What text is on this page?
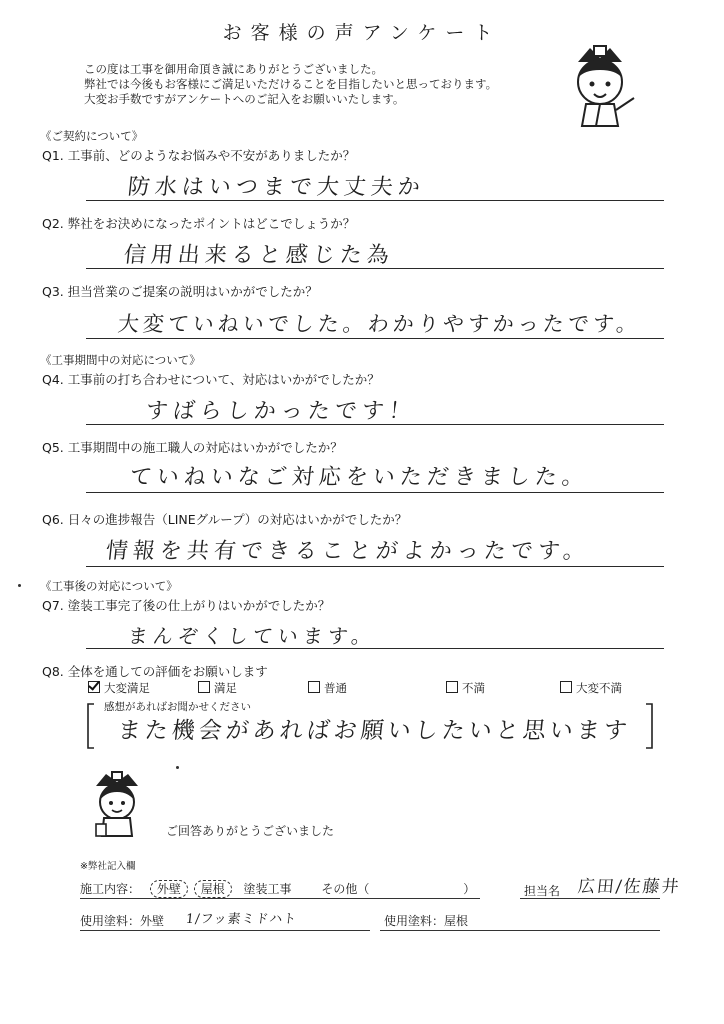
お客様の声アンケート
この度は工事を御用命頂き誠にありがとうございました。
弊社では今後もお客様にご満足いただけることを目指したいと思っております。
大変お手数ですがアンケートへのご記入をお願いいたします。
《ご契約について》
Q1. 工事前、どのようなお悩みや不安がありましたか？
防水はいつまで大丈夫か
Q2. 弊社をお決めになったポイントはどこでしょうか？
信用出来ると感じた為
Q3. 担当営業のご提案の説明はいかがでしたか？
大変ていねいでした。わかりやすかったです。
《工事期間中の対応について》
Q4. 工事前の打ち合わせについて、対応はいかがでしたか？
すばらしかったです！
Q5. 工事期間中の施工職人の対応はいかがでしたか？
ていねいなご対応をいただきました。
Q6. 日々の進捗報告（LINEグループ）の対応はいかがでしたか？
情報を共有できることがよかったです。
《工事後の対応について》
Q7. 塗装工事完了後の仕上がりはいかがでしたか？
まんぞくしています。
Q8. 全体を通しての評価をお願いします
大変満足	満足	普通	不満	大変不満
感想があればお聞かせください
また機会があればお願いしたいと思います
ご回答ありがとうございました
※弊社記入欄
施工内容： 外壁 屋根 塗装工事 その他（	）	担当名 広田/佐藤井
使用塗料：外壁 1/フッ素ミドハト	使用塗料：屋根
